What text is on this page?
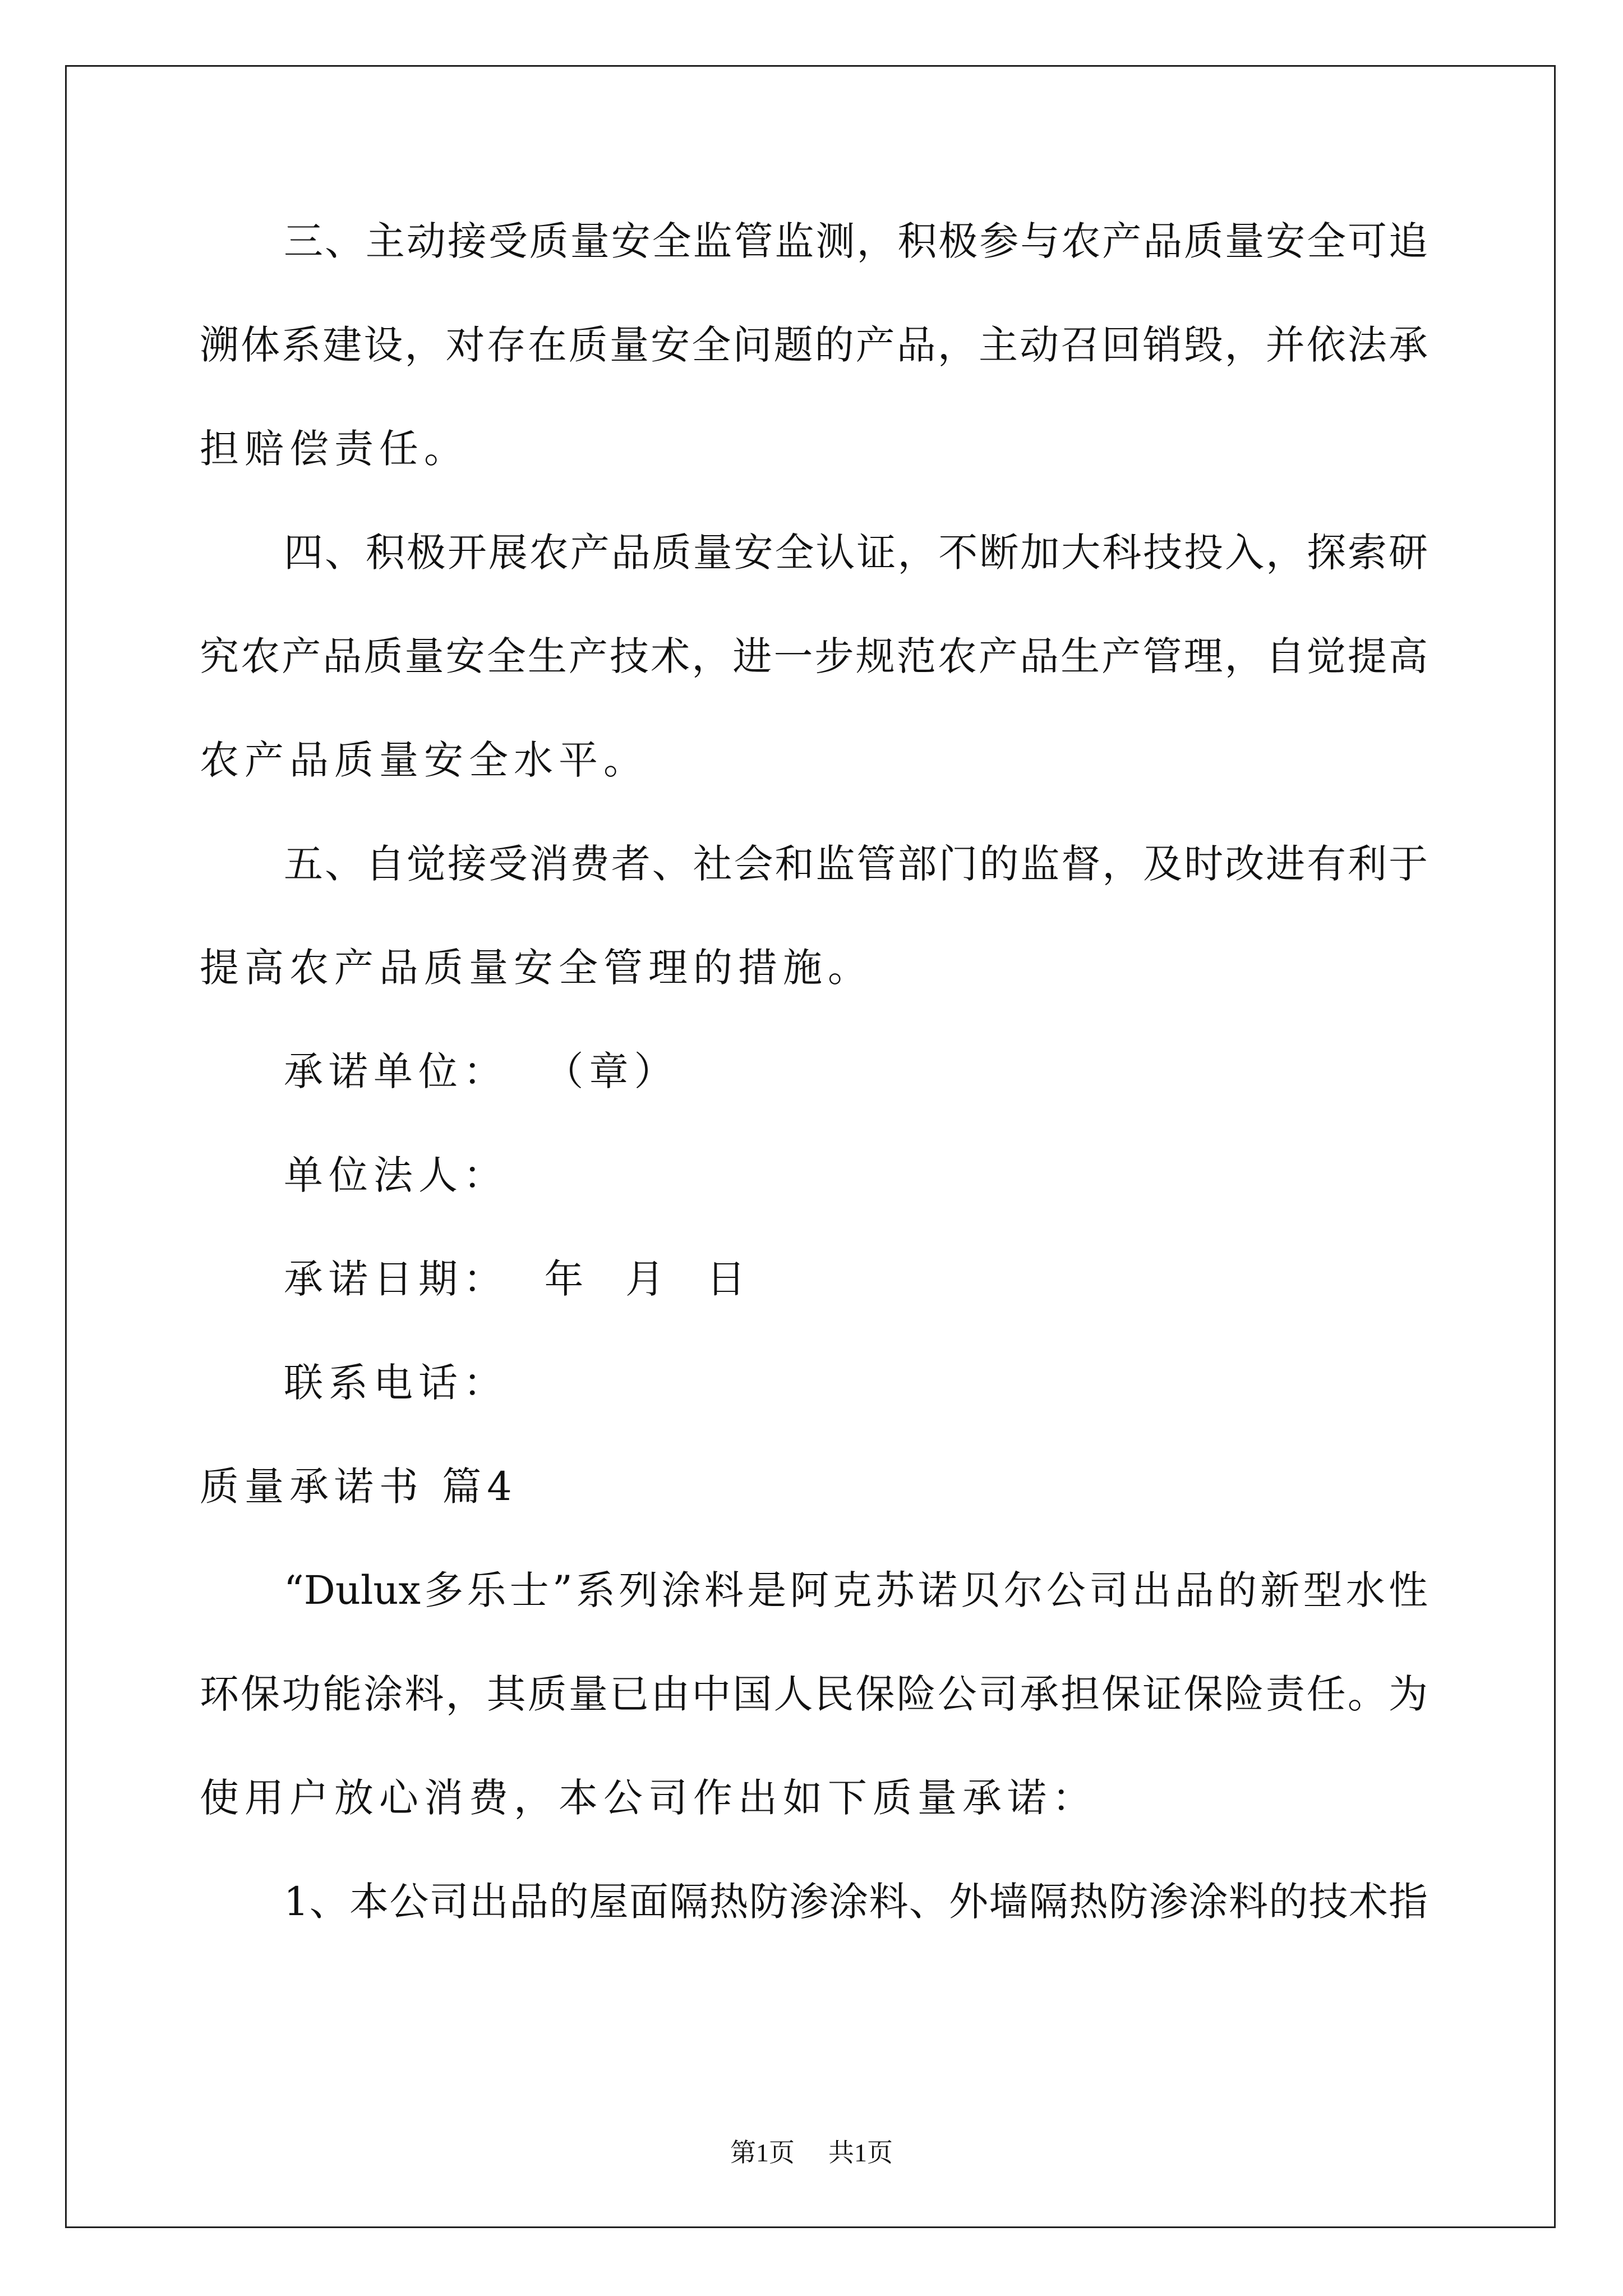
三、主动接受质量安全监管监测，积极参与农产品质量安全可追
溯体系建设，对存在质量安全问题的产品，主动召回销毁，并依法承
担赔偿责任。
四、积极开展农产品质量安全认证，不断加大科技投入，探索研
究农产品质量安全生产技术，进一步规范农产品生产管理，自觉提高
农产品质量安全水平。
五、自觉接受消费者、社会和监管部门的监督，及时改进有利于
提高农产品质量安全管理的措施。
承诺单位：  （章）
单位法人：
承诺日期：  年  月  日
联系电话：
质量承诺书 篇4
“Dulux多乐士”系列涂料是阿克苏诺贝尔公司出品的新型水性
环保功能涂料，其质量已由中国人民保险公司承担保证保险责任。为
使用户放心消费，本公司作出如下质量承诺：
1、本公司出品的屋面隔热防渗涂料、外墙隔热防渗涂料的技术指
第1页 共1页
